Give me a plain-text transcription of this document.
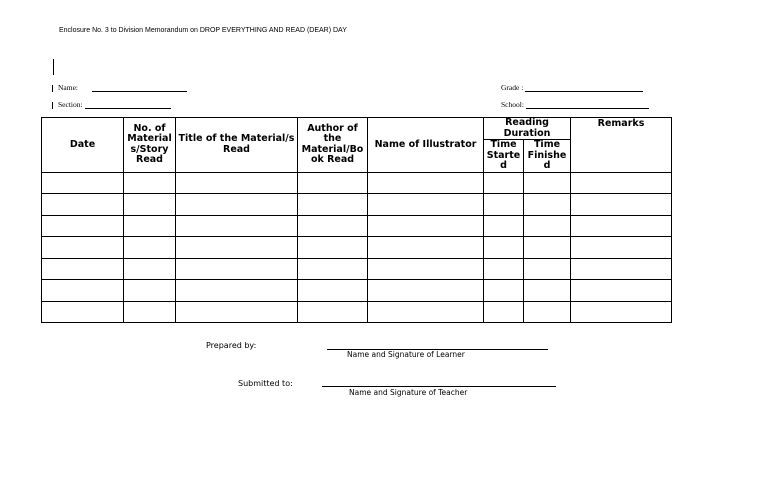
Enclosure No. 3 to Division Memorandum on DROP EVERYTHING AND READ (DEAR) DAY
Name:
Section:
Grade :
School:
Date	No. of Material s/Story Read	Title of the Material/s Read	Author of the Material/Bo ok Read	Name of Illustrator	Reading Duration		Remarks
					Time Starte d	Time Finishe d	

Prepared by:
Name and Signature of Learner
Submitted to:
Name and Signature of Teacher
